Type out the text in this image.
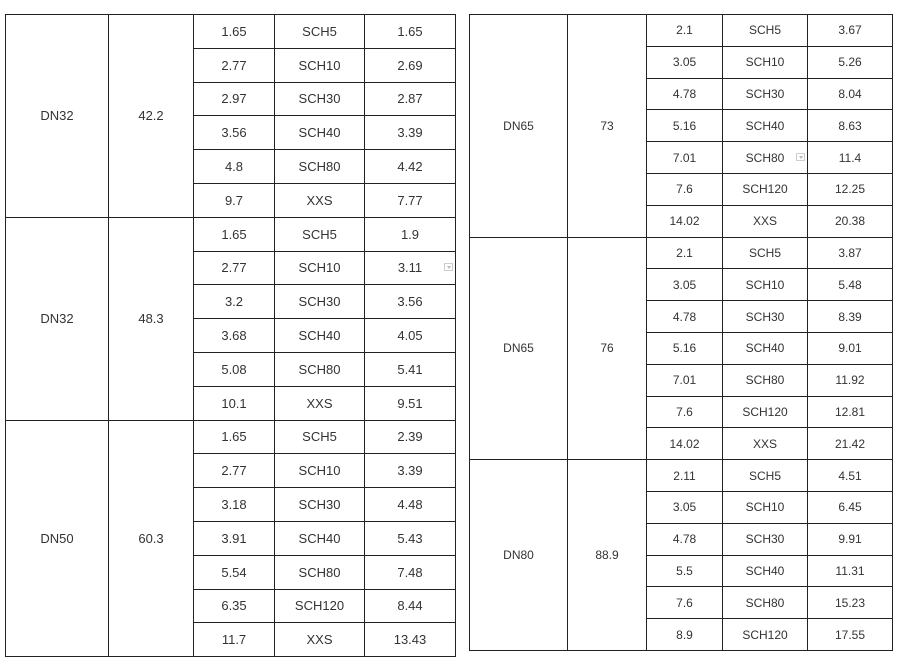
DN32	42.2	1.65	SCH5	1.65
		2.77	SCH10	2.69
		2.97	SCH30	2.87
		3.56	SCH40	3.39
		4.8	SCH80	4.42
		9.7	XXS	7.77
DN32	48.3	1.65	SCH5	1.9
		2.77	SCH10	3.11

		3.2	SCH30	3.56
		3.68	SCH40	4.05
		5.08	SCH80	5.41
		10.1	XXS	9.51
DN50	60.3	1.65	SCH5	2.39
		2.77	SCH10	3.39
		3.18	SCH30	4.48
		3.91	SCH40	5.43
		5.54	SCH80	7.48
		6.35	SCH120	8.44
		11.7	XXS	13.43
DN65	73	2.1	SCH5	3.67
		3.05	SCH10	5.26
		4.78	SCH30	8.04
		5.16	SCH40	8.63
		7.01	SCH80	11.4
		7.6	SCH120	12.25
		14.02	XXS	20.38
DN65	76	2.1	SCH5	3.87
		3.05	SCH10	5.48
		4.78	SCH30	8.39
		5.16	SCH40	9.01
		7.01	SCH80	11.92
		7.6	SCH120	12.81
		14.02	XXS	21.42
DN80	88.9	2.11	SCH5	4.51
		3.05	SCH10	6.45
		4.78	SCH30	9.91
		5.5	SCH40	11.31
		7.6	SCH80	15.23
		8.9	SCH120	17.55
